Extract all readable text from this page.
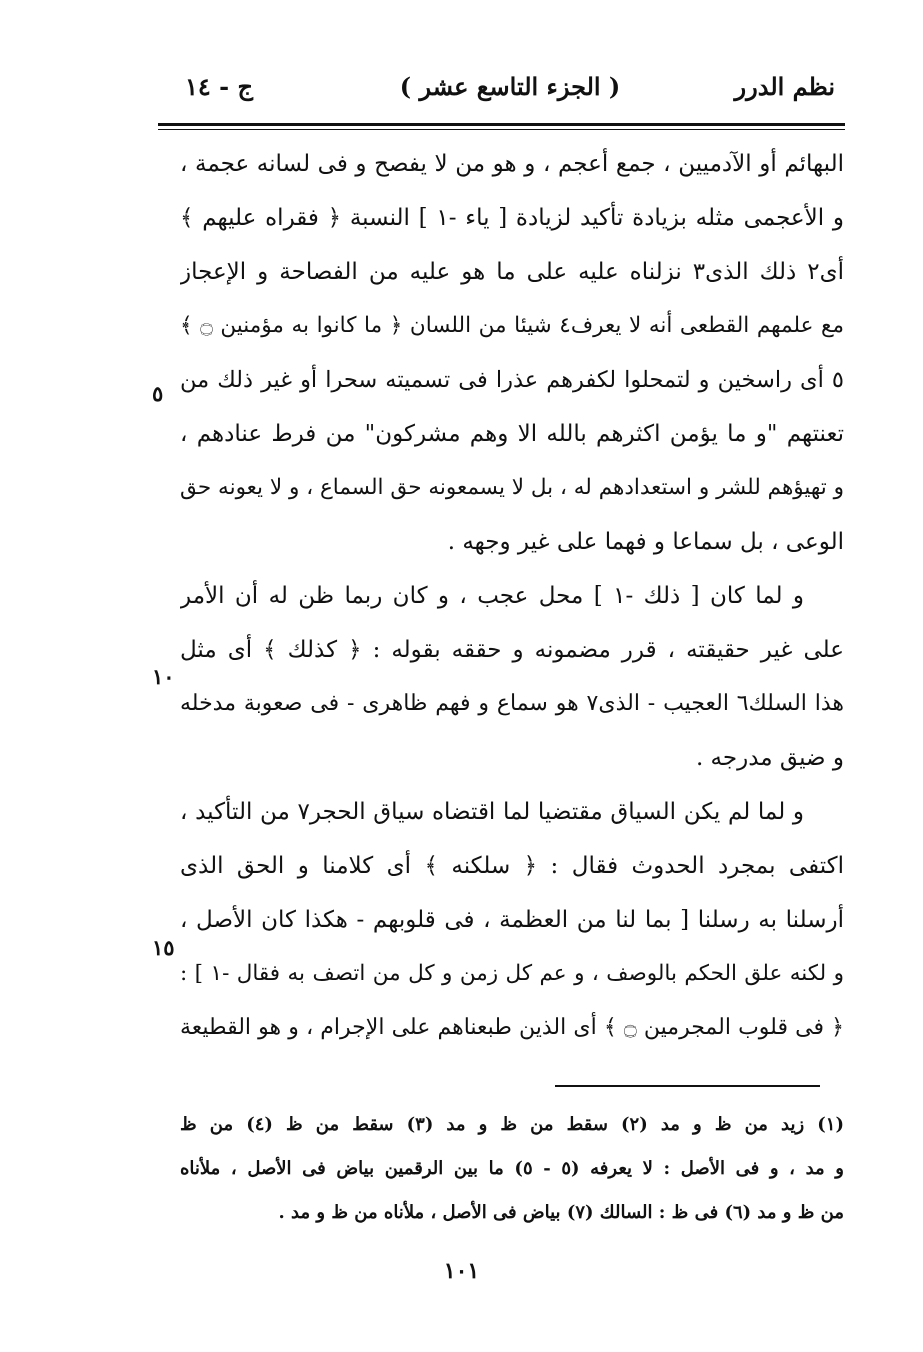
نظم الدرر
( الجزء التاسع عشر )
ج - ١٤
البهائم أو الآدميين ، جمع أعجم ، و هو من لا يفصح و فى لسانه عجمة ،
و الأعجمى مثله بزيادة تأكيد لزيادة [ ياء -١ ] النسبة ﴿ فقراه عليهم ﴾
أى٢ ذلك الذى٣ نزلناه عليه على ما هو عليه من الفصاحة و الإعجاز
مع علمهم القطعى أنه لا يعرف٤ شيئا من اللسان ﴿ ما كانوا به مؤمنين ۝ ﴾
٥ أى راسخين و لتمحلوا لكفرهم عذرا فى تسميته سحرا أو غير ذلك من
تعنتهم "و ما يؤمن اكثرهم بالله الا وهم مشركون" من فرط عنادهم ،
و تهيؤهم للشر و استعدادهم له ، بل لا يسمعونه حق السماع ، و لا يعونه حق
الوعى ، بل سماعا و فهما على غير وجهه .
و لما كان [ ذلك -١ ] محل عجب ، و كان ربما ظن له أن الأمر
على غير حقيقته ، قرر مضمونه و حققه بقوله : ﴿ كذلك ﴾ أى مثل
هذا السلك٦ العجيب - الذى٧ هو سماع و فهم ظاهرى - فى صعوبة مدخله
و ضيق مدرجه .
و لما لم يكن السياق مقتضيا لما اقتضاه سياق الحجر٧ من التأكيد ،
اكتفى بمجرد الحدوث فقال : ﴿ سلكنه ﴾ أى كلامنا و الحق الذى
أرسلنا به رسلنا [ بما لنا من العظمة ، فى قلوبهم - هكذا كان الأصل ،
و لكنه علق الحكم بالوصف ، و عم كل زمن و كل من اتصف به فقال -١ ] :
﴿ فى قلوب المجرمين ۝ ﴾ أى الذين طبعناهم على الإجرام ، و هو القطيعة
٥
١٠
١٥
(١) زيد من ظ و مد (٢) سقط من ظ و مد (٣) سقط من ظ (٤) من ظ
و مد ، و فى الأصل : لا يعرفه (٥ - ٥) ما بين الرقمين بياض فى الأصل ، ملأناه
من ظ و مد (٦) فى ظ : السالك (٧) بياض فى الأصل ، ملأناه من ظ و مد .
١٠١
